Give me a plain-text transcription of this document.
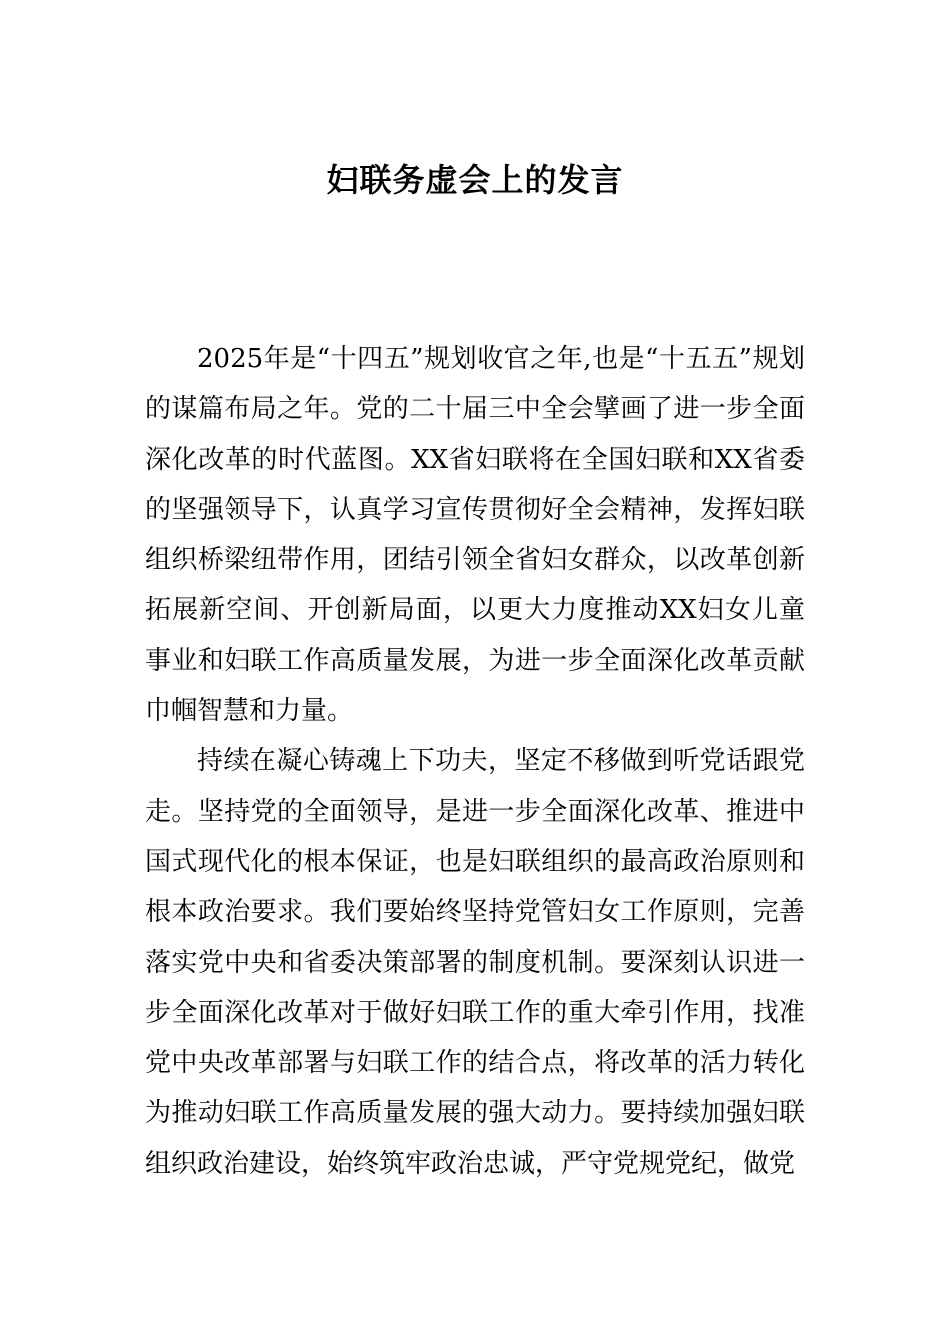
妇联务虚会上的发言

2025年是“十四五”规划收官之年,也是“十五五”规划的谋篇布局之年。党的二十届三中全会擘画了进一步全面深化改革的时代蓝图。XX省妇联将在全国妇联和XX省委的坚强领导下，认真学习宣传贯彻好全会精神，发挥妇联组织桥梁纽带作用，团结引领全省妇女群众，以改革创新拓展新空间、开创新局面，以更大力度推动XX妇女儿童事业和妇联工作高质量发展，为进一步全面深化改革贡献巾帼智慧和力量。

持续在凝心铸魂上下功夫，坚定不移做到听党话跟党走。坚持党的全面领导，是进一步全面深化改革、推进中国式现代化的根本保证，也是妇联组织的最高政治原则和根本政治要求。我们要始终坚持党管妇女工作原则，完善落实党中央和省委决策部署的制度机制。要深刻认识进一步全面深化改革对于做好妇联工作的重大牵引作用，找准党中央改革部署与妇联工作的结合点，将改革的活力转化为推动妇联工作高质量发展的强大动力。要持续加强妇联组织政治建设，始终筑牢政治忠诚，严守党规党纪，做党
